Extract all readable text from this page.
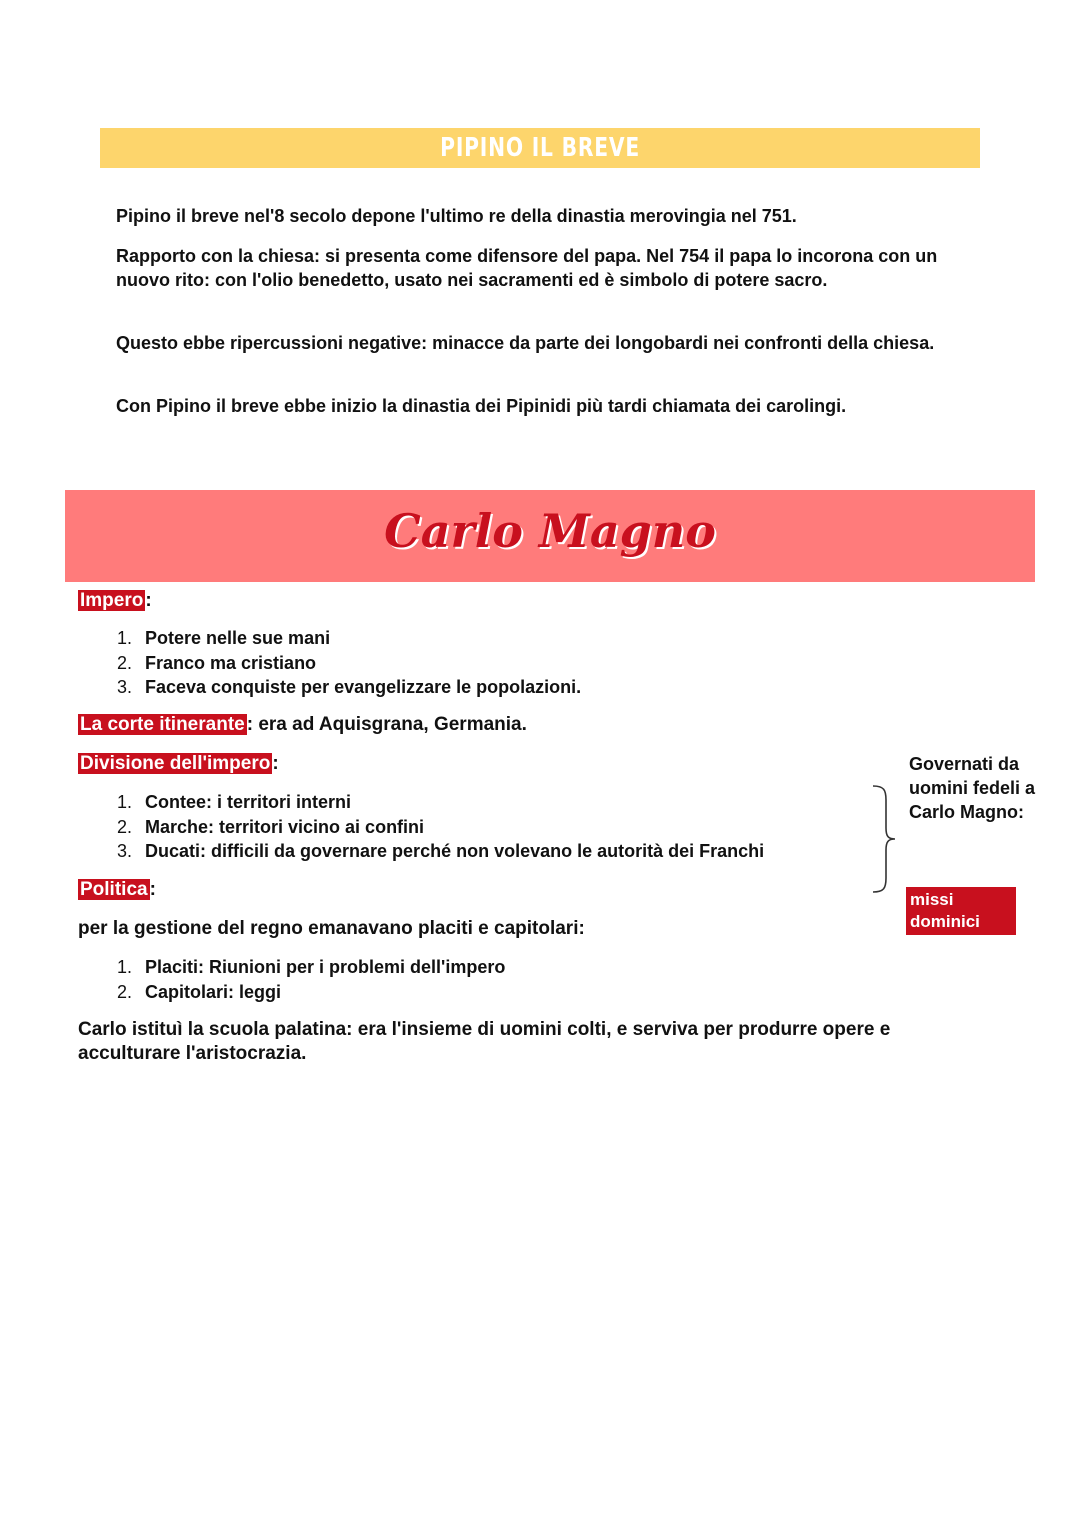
PIPINO IL BREVE

Pipino il breve nel'8 secolo depone l'ultimo re della dinastia merovingia nel 751.

Rapporto con la chiesa: si presenta come difensore del papa. Nel 754 il papa lo incorona con un nuovo rito: con l'olio benedetto, usato nei sacramenti ed è simbolo di potere sacro.

Questo ebbe ripercussioni negative: minacce da parte dei longobardi nei confronti della chiesa.

Con Pipino il breve ebbe inizio la dinastia dei Pipinidi più tardi chiamata dei carolingi.

Carlo Magno
Impero :
1. Potere nelle sue mani
2. Franco ma cristiano
3. Faceva conquiste per evangelizzare le popolazioni.
La corte itinerante : era ad Aquisgrana, Germania.
Divisione dell'impero :
1. Contee: i territori interni
2. Marche: territori vicino ai confini
3. Ducati: difficili da governare perché non volevano le autorità dei Franchi
Governati da uomini fedeli a Carlo Magno:
missi dominici
Politica :
per la gestione del regno emanavano placiti e capitolari:
1. Placiti: Riunioni per i problemi dell'impero
2. Capitolari: leggi

Carlo istituì la scuola palatina: era l'insieme di uomini colti, e serviva per produrre opere e acculturare l'aristocrazia.
